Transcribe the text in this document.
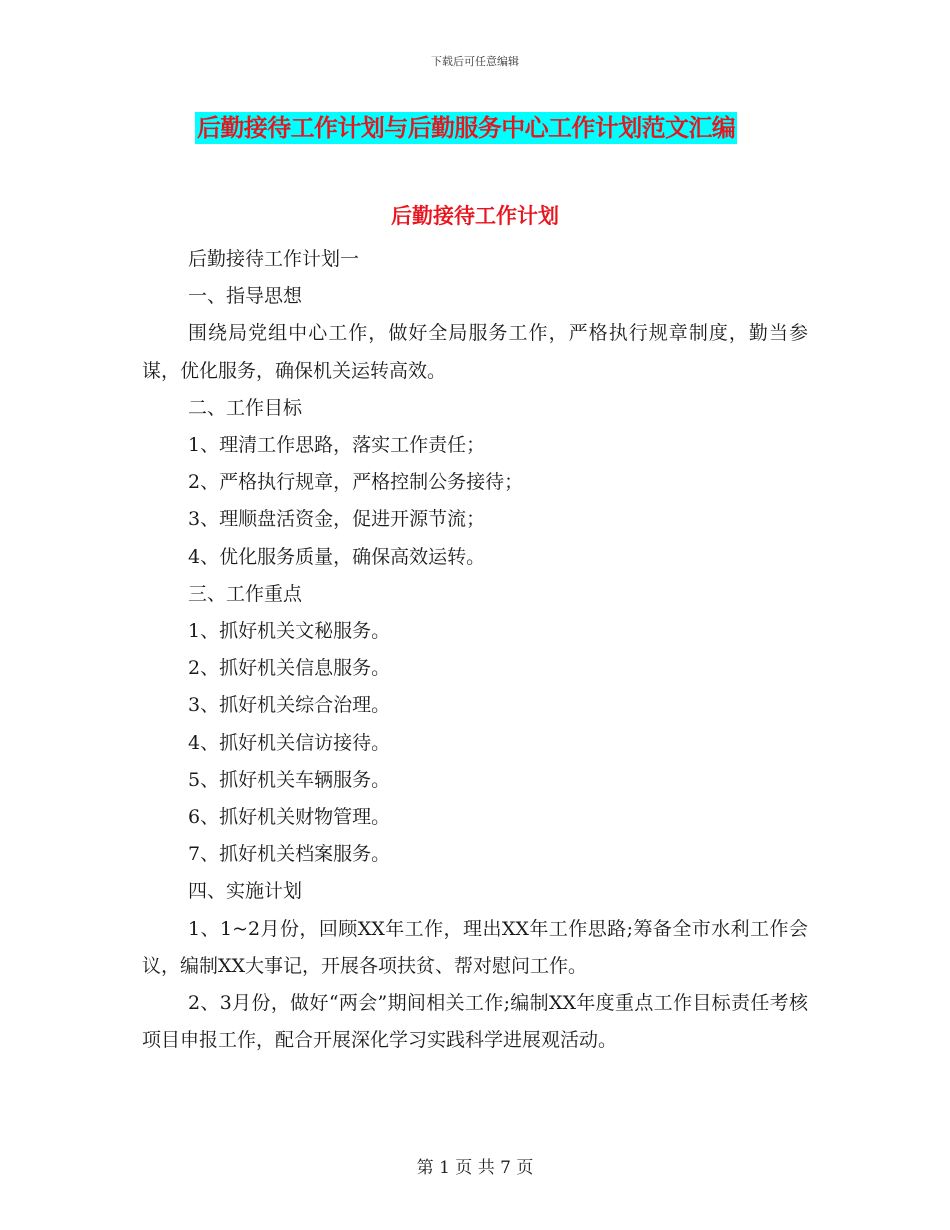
下载后可任意编辑
后勤接待工作计划与后勤服务中心工作计划范文汇编
后勤接待工作计划

后勤接待工作计划一

一、指导思想

围绕局党组中心工作，做好全局服务工作，严格执行规章制度，勤当参谋，优化服务，确保机关运转高效。

二、工作目标

1、理清工作思路，落实工作责任；

2、严格执行规章，严格控制公务接待；

3、理顺盘活资金，促进开源节流；

4、优化服务质量，确保高效运转。

三、工作重点

1、抓好机关文秘服务。

2、抓好机关信息服务。

3、抓好机关综合治理。

4、抓好机关信访接待。

5、抓好机关车辆服务。

6、抓好机关财物管理。

7、抓好机关档案服务。

四、实施计划

1、1~2月份，回顾XX年工作，理出XX年工作思路;筹备全市水利工作会议，编制XX大事记，开展各项扶贫、帮对慰问工作。

2、3月份，做好“两会”期间相关工作;编制XX年度重点工作目标责任考核项目申报工作，配合开展深化学习实践科学进展观活动。

第 1 页 共 7 页
